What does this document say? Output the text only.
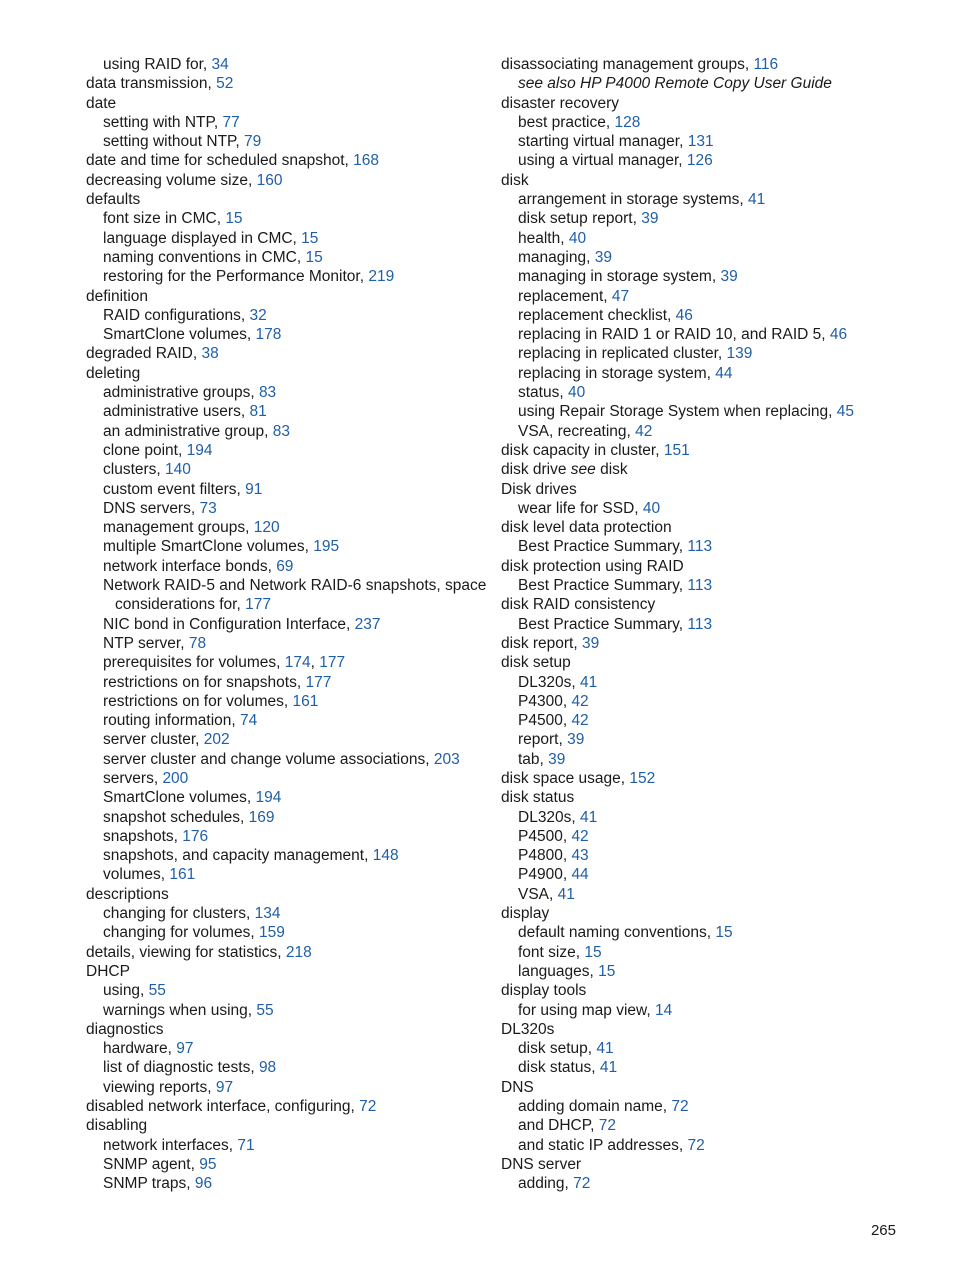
using RAID for, 34
data transmission, 52
date
setting with NTP, 77
setting without NTP, 79
date and time for scheduled snapshot, 168
decreasing volume size, 160
defaults
font size in CMC, 15
language displayed in CMC, 15
naming conventions in CMC, 15
restoring for the Performance Monitor, 219
definition
RAID configurations, 32
SmartClone volumes, 178
degraded RAID, 38
deleting
administrative groups, 83
administrative users, 81
an administrative group, 83
clone point, 194
clusters, 140
custom event filters, 91
DNS servers, 73
management groups, 120
multiple SmartClone volumes, 195
network interface bonds, 69
Network RAID-5 and Network RAID-6 snapshots, space considerations for, 177
NIC bond in Configuration Interface, 237
NTP server, 78
prerequisites for volumes, 174, 177
restrictions on for snapshots, 177
restrictions on for volumes, 161
routing information, 74
server cluster, 202
server cluster and change volume associations, 203
servers, 200
SmartClone volumes, 194
snapshot schedules, 169
snapshots, 176
snapshots, and capacity management, 148
volumes, 161
descriptions
changing for clusters, 134
changing for volumes, 159
details, viewing for statistics, 218
DHCP
using, 55
warnings when using, 55
diagnostics
hardware, 97
list of diagnostic tests, 98
viewing reports, 97
disabled network interface, configuring, 72
disabling
network interfaces, 71
SNMP agent, 95
SNMP traps, 96
disassociating management groups, 116
see also HP P4000 Remote Copy User Guide
disaster recovery
best practice, 128
starting virtual manager, 131
using a virtual manager, 126
disk
arrangement in storage systems, 41
disk setup report, 39
health, 40
managing, 39
managing in storage system, 39
replacement, 47
replacement checklist, 46
replacing in RAID 1 or RAID 10, and RAID 5, 46
replacing in replicated cluster, 139
replacing in storage system, 44
status, 40
using Repair Storage System when replacing, 45
VSA, recreating, 42
disk capacity in cluster, 151
disk drive see disk
Disk drives
wear life for SSD, 40
disk level data protection
Best Practice Summary, 113
disk protection using RAID
Best Practice Summary, 113
disk RAID consistency
Best Practice Summary, 113
disk report, 39
disk setup
DL320s, 41
P4300, 42
P4500, 42
report, 39
tab, 39
disk space usage, 152
disk status
DL320s, 41
P4500, 42
P4800, 43
P4900, 44
VSA, 41
display
default naming conventions, 15
font size, 15
languages, 15
display tools
for using map view, 14
DL320s
disk setup, 41
disk status, 41
DNS
adding domain name, 72
and DHCP, 72
and static IP addresses, 72
DNS server
adding, 72
265
